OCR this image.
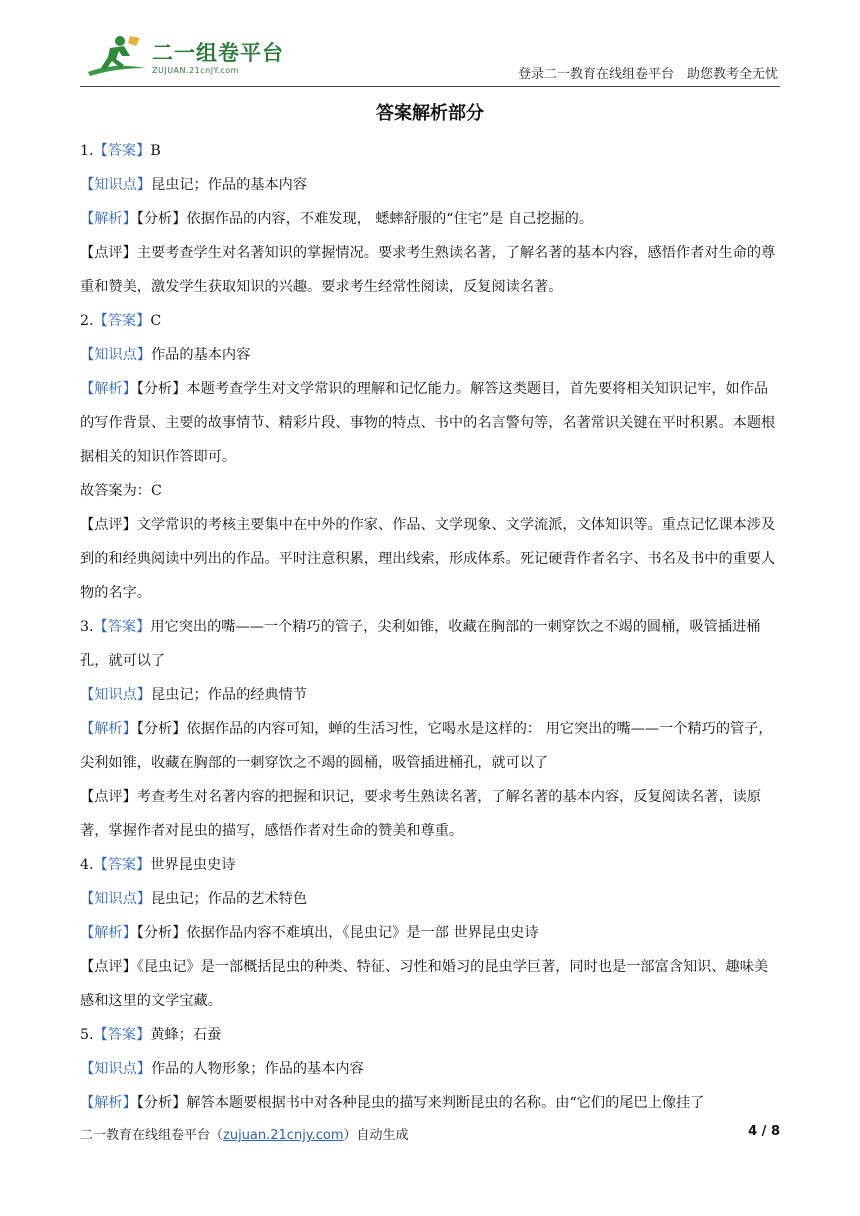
二一组卷平台
ZUJUAN.21cnJY.com	登录二一教育在线组卷平台　助您教考全无忧
答案解析部分

1.【答案】B

【知识点】昆虫记；作品的基本内容

【解析】【分析】依据作品的内容，不难发现， 蟋蟀舒服的“住宅”是 自己挖掘的。

【点评】主要考查学生对名著知识的掌握情况。要求考生熟读名著，了解名著的基本内容，感悟作者对生命的尊重和赞美，激发学生获取知识的兴趣。要求考生经常性阅读，反复阅读名著。

2.【答案】C

【知识点】作品的基本内容

【解析】【分析】本题考查学生对文学常识的理解和记忆能力。解答这类题目，首先要将相关知识记牢，如作品的写作背景、主要的故事情节、精彩片段、事物的特点、书中的名言警句等，名著常识关键在平时积累。本题根据相关的知识作答即可。

故答案为：C

【点评】文学常识的考核主要集中在中外的作家、作品、文学现象、文学流派，文体知识等。重点记忆课本涉及到的和经典阅读中列出的作品。平时注意积累，理出线索，形成体系。死记硬背作者名字、书名及书中的重要人物的名字。

3.【答案】用它突出的嘴——一个精巧的管子，尖利如锥，收藏在胸部的一刺穿饮之不竭的圆桶，吸管插进桶孔，就可以了

【知识点】昆虫记；作品的经典情节

【解析】【分析】依据作品的内容可知，蝉的生活习性，它喝水是这样的： 用它突出的嘴——一个精巧的管子，尖利如锥，收藏在胸部的一刺穿饮之不竭的圆桶，吸管插进桶孔，就可以了

【点评】考查考生对名著内容的把握和识记，要求考生熟读名著，了解名著的基本内容，反复阅读名著，读原著，掌握作者对昆虫的描写，感悟作者对生命的赞美和尊重。

4.【答案】世界昆虫史诗

【知识点】昆虫记；作品的艺术特色

【解析】【分析】依据作品内容不难填出，《昆虫记》是一部 世界昆虫史诗

【点评】《昆虫记》是一部概括昆虫的种类、特征、习性和婚习的昆虫学巨著，同时也是一部富含知识、趣味美感和这里的文学宝藏。

5.【答案】黄蜂；石蚕

【知识点】作品的人物形象；作品的基本内容

【解析】【分析】解答本题要根据书中对各种昆虫的描写来判断昆虫的名称。由“它们的尾巴上像挂了

二一教育在线组卷平台（zujuan.21cnjy.com）自动生成	4 / 8
